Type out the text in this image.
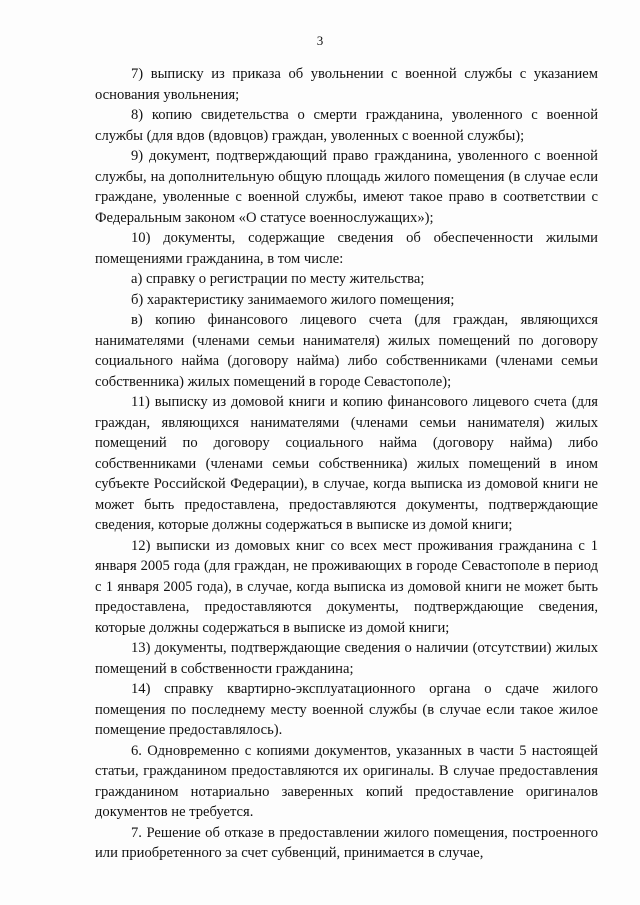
3

7) выписку из приказа об увольнении с военной службы с указанием основания увольнения;

8) копию свидетельства о смерти гражданина, уволенного с военной службы (для вдов (вдовцов) граждан, уволенных с военной службы);

9) документ, подтверждающий право гражданина, уволенного с военной службы, на дополнительную общую площадь жилого помещения (в случае если граждане, уволенные с военной службы, имеют такое право в соответствии с Федеральным законом «О статусе военнослужащих»);

10) документы, содержащие сведения об обеспеченности жилыми помещениями гражданина, в том числе:

а) справку о регистрации по месту жительства;

б) характеристику занимаемого жилого помещения;

в) копию финансового лицевого счета (для граждан, являющихся нанимателями (членами семьи нанимателя) жилых помещений по договору социального найма (договору найма) либо собственниками (членами семьи собственника) жилых помещений в городе Севастополе);

11) выписку из домовой книги и копию финансового лицевого счета (для граждан, являющихся нанимателями (членами семьи нанимателя) жилых помещений по договору социального найма (договору найма) либо собственниками (членами семьи собственника) жилых помещений в ином субъекте Российской Федерации), в случае, когда выписка из домовой книги не может быть предоставлена, предоставляются документы, подтверждающие сведения, которые должны содержаться в выписке из домой книги;

12) выписки из домовых книг со всех мест проживания гражданина с 1 января 2005 года (для граждан, не проживающих в городе Севастополе в период с 1 января 2005 года), в случае, когда выписка из домовой книги не может быть предоставлена, предоставляются документы, подтверждающие сведения, которые должны содержаться в выписке из домой книги;

13) документы, подтверждающие сведения о наличии (отсутствии) жилых помещений в собственности гражданина;

14) справку квартирно-эксплуатационного органа о сдаче жилого помещения по последнему месту военной службы (в случае если такое жилое помещение предоставлялось).

6. Одновременно с копиями документов, указанных в части 5 настоящей статьи, гражданином предоставляются их оригиналы. В случае предоставления гражданином нотариально заверенных копий предоставление оригиналов документов не требуется.

7. Решение об отказе в предоставлении жилого помещения, построенного или приобретенного за счет субвенций, принимается в случае,
